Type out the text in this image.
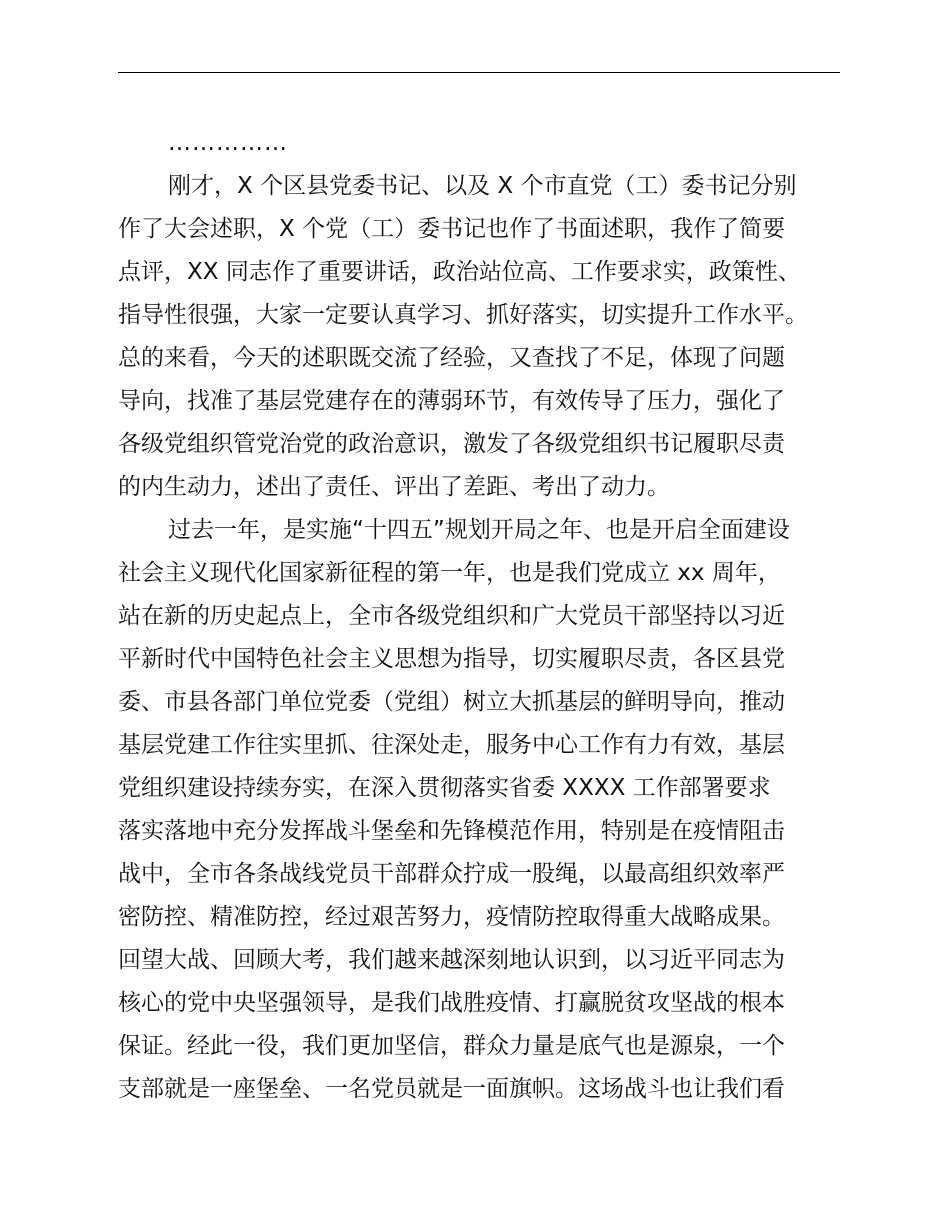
……………
刚才，X 个区县党委书记、以及 X 个市直党（工）委书记分别
作了大会述职，X 个党（工）委书记也作了书面述职，我作了简要
点评，XX 同志作了重要讲话，政治站位高、工作要求实，政策性、
指导性很强，大家一定要认真学习、抓好落实，切实提升工作水平。
总的来看，今天的述职既交流了经验，又查找了不足，体现了问题
导向，找准了基层党建存在的薄弱环节，有效传导了压力，强化了
各级党组织管党治党的政治意识，激发了各级党组织书记履职尽责
的内生动力，述出了责任、评出了差距、考出了动力。
过去一年，是实施“十四五”规划开局之年、也是开启全面建设
社会主义现代化国家新征程的第一年，也是我们党成立 xx 周年，
站在新的历史起点上，全市各级党组织和广大党员干部坚持以习近
平新时代中国特色社会主义思想为指导，切实履职尽责，各区县党
委、市县各部门单位党委（党组）树立大抓基层的鲜明导向，推动
基层党建工作往实里抓、往深处走，服务中心工作有力有效，基层
党组织建设持续夯实，在深入贯彻落实省委 XXXX 工作部署要求
落实落地中充分发挥战斗堡垒和先锋模范作用，特别是在疫情阻击
战中，全市各条战线党员干部群众拧成一股绳，以最高组织效率严
密防控、精准防控，经过艰苦努力，疫情防控取得重大战略成果。
回望大战、回顾大考，我们越来越深刻地认识到，以习近平同志为
核心的党中央坚强领导，是我们战胜疫情、打赢脱贫攻坚战的根本
保证。经此一役，我们更加坚信，群众力量是底气也是源泉，一个
支部就是一座堡垒、一名党员就是一面旗帜。这场战斗也让我们看
